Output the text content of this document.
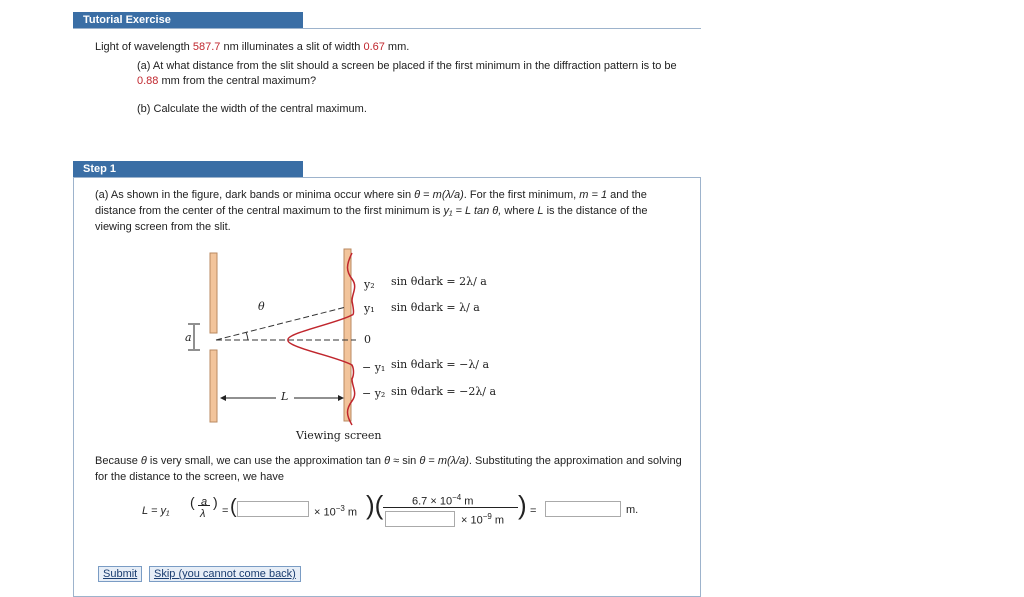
Tutorial Exercise

Light of wavelength 587.7 nm illuminates a slit of width 0.67 mm.

(a) At what distance from the slit should a screen be placed if the first minimum in the diffraction pattern is to be 0.88 mm from the central maximum?

(b) Calculate the width of the central maximum.

Step 1

(a) As shown in the figure, dark bands or minima occur where sin θ = m(λ/a). For the first minimum, m = 1 and the distance from the center of the central maximum to the first minimum is y₁ = L tan θ, where L is the distance of the viewing screen from the slit.

θ
a
L
y₂
y₁
0
− y₁
− y₂
sin θdark = 2λ/ a
sin θdark = λ/ a
sin θdark = −λ/ a
sin θdark = −2λ/ a
Viewing screen

Because θ is very small, we can use the approximation tan θ ≈ sin θ = m(λ/a). Substituting the approximation and solving for the distance to the screen, we have

L = y₁
( a
λ
)
= (	× $10^{-3}$ m )(	$6.7 \times 10^{-4}$ m
× $10^{-9}$ m
) =	m.
Submit	Skip (you cannot come back)
